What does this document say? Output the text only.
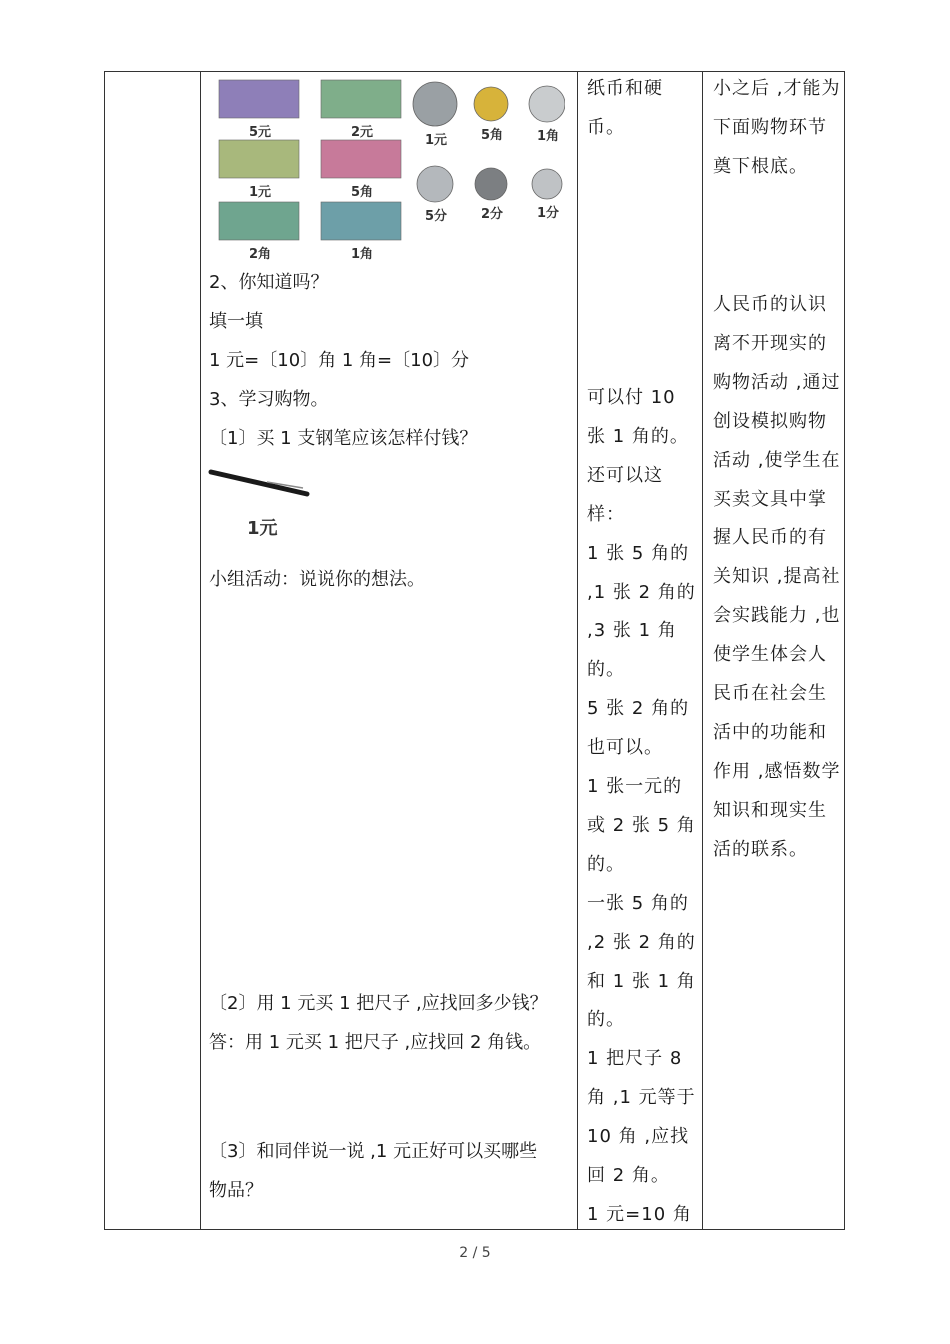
5元	2元
1元	5角
2角	1角
1元	5角	1角
5分	2分	1分
2、你知道吗？
填一填
1 元=〔10〕角 1 角=〔10〕分
3、学习购物。
〔1〕买 1 支钢笔应该怎样付钱？
1元
小组活动：说说你的想法。
〔2〕用 1 元买 1 把尺子 ,应找回多少钱？
答：用 1 元买 1 把尺子 ,应找回 2 角钱。
〔3〕和同伴说一说 ,1 元正好可以买哪些
物品？
纸币和硬
币。
可以付 10
张 1 角的。
还可以这
样：
1 张 5 角的
,1 张 2 角的
,3 张 1 角
的。
5 张 2 角的
也可以。
1 张一元的
或 2 张 5 角
的。
一张 5 角的
,2 张 2 角的
和 1 张 1 角
的。
1 把尺子 8
角 ,1 元等于
10 角 ,应找
回 2 角。
1 元=10 角
小之后 ,才能为
下面购物环节
奠下根底。
人民币的认识
离不开现实的
购物活动 ,通过
创设模拟购物
活动 ,使学生在
买卖文具中掌
握人民币的有
关知识 ,提高社
会实践能力 ,也
使学生体会人
民币在社会生
活中的功能和
作用 ,感悟数学
知识和现实生
活的联系。
2 / 5
